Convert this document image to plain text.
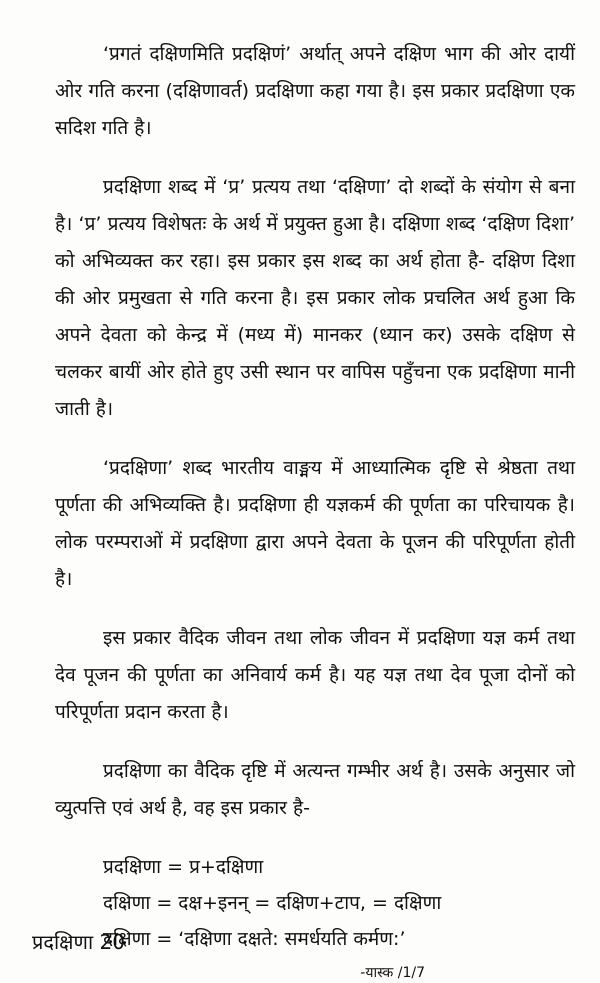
‘प्रगतं दक्षिणमिति प्रदक्षिणं’ अर्थात् अपने दक्षिण भाग की ओर दायीं ओर गति करना (दक्षिणावर्त) प्रदक्षिणा कहा गया है। इस प्रकार प्रदक्षिणा एक सदिश गति है।

प्रदक्षिणा शब्द में ‘प्र’ प्रत्यय तथा ‘दक्षिणा’ दो शब्दों के संयोग से बना है। ‘प्र’ प्रत्यय विशेषतः के अर्थ में प्रयुक्त हुआ है। दक्षिणा शब्द ‘दक्षिण दिशा’ को अभिव्यक्त कर रहा। इस प्रकार इस शब्द का अर्थ होता है- दक्षिण दिशा की ओर प्रमुखता से गति करना है। इस प्रकार लोक प्रचलित अर्थ हुआ कि अपने देवता को केन्द्र में (मध्य में) मानकर (ध्यान कर) उसके दक्षिण से चलकर बायीं ओर होते हुए उसी स्थान पर वापिस पहुँचना एक प्रदक्षिणा मानी जाती है।

‘प्रदक्षिणा’ शब्द भारतीय वाङ्मय में आध्यात्मिक दृष्टि से श्रेष्ठता तथा पूर्णता की अभिव्यक्ति है। प्रदक्षिणा ही यज्ञकर्म की पूर्णता का परिचायक है। लोक परम्पराओं में प्रदक्षिणा द्वारा अपने देवता के पूजन की परिपूर्णता होती है।

इस प्रकार वैदिक जीवन तथा लोक जीवन में प्रदक्षिणा यज्ञ कर्म तथा देव पूजन की पूर्णता का अनिवार्य कर्म है। यह यज्ञ तथा देव पूजा दोनों को परिपूर्णता प्रदान करता है।

प्रदक्षिणा का वैदिक दृष्टि में अत्यन्त गम्भीर अर्थ है। उसके अनुसार जो व्युत्पत्ति एवं अर्थ है, वह इस प्रकार है-

प्रदक्षिणा = प्र+दक्षिणा
दक्षिणा = दक्ष+इनन् = दक्षिण+टाप, = दक्षिणा
दक्षिणा = ‘दक्षिणा दक्षते: समर्धयति कर्मण:’
-यास्क /1/7
प्रदक्षिणा 20
